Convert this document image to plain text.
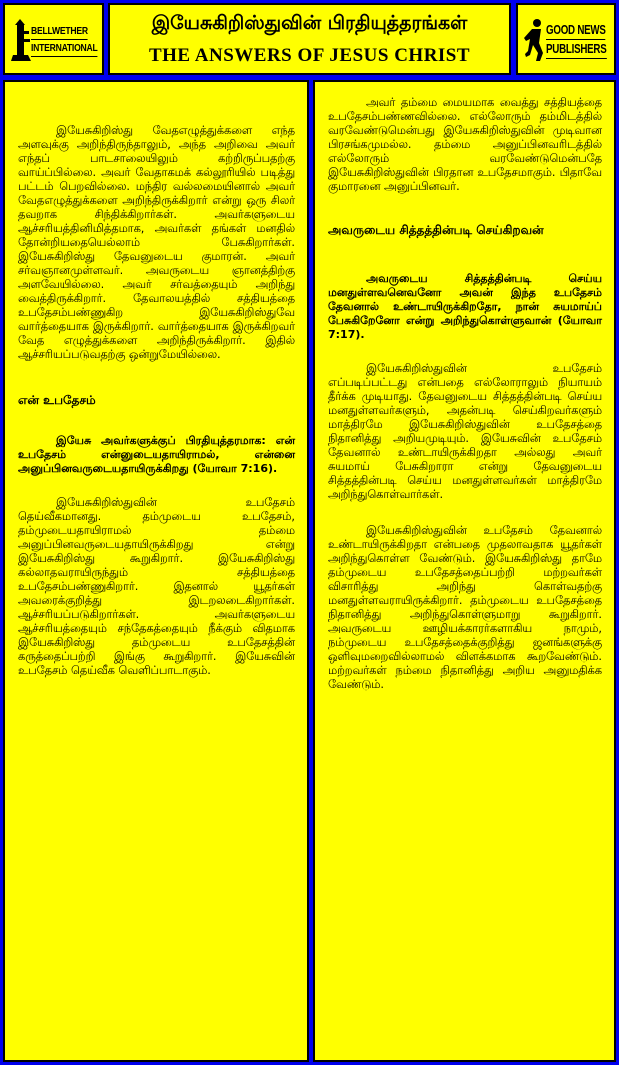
BELLWETHER
INTERNATIONAL
இயேசுகிறிஸ்துவின் பிரதியுத்தரங்கள்
THE ANSWERS OF JESUS CHRIST
GOOD NEWS
PUBLISHERS

இயேசுகிறிஸ்து வேதஎழுத்துக்களை எந்த அளவுக்கு அறிந்திருந்தாலும், அந்த அறிவை அவர் எந்தப் பாடசாலையிலும் கற்றிருப்பதற்கு வாய்ப்பில்லை. அவர் வேதாகமக் கல்லூரியில் படித்து பட்டம் பெறவில்லை. மந்திர வல்லமையினால் அவர் வேதஎழுத்துக்களை அறிந்திருக்கிறார் என்று ஒரு சிலர் தவறாக சிந்திக்கிறார்கள். அவர்களுடைய ஆச்சரியத்தினிமித்தமாக, அவர்கள் தங்கள் மனதில் தோன்றியதையெல்லாம் பேசுகிறார்கள். இயேசுகிறிஸ்து தேவனுடைய குமாரன். அவர் சர்வஞானமுள்ளவர். அவருடைய ஞானத்திற்கு அளவேயில்லை. அவர் சர்வத்தையும் அறிந்து வைத்திருக்கிறார். தேவாலயத்தில் சத்தியத்தை உபதேசம்பண்ணுகிற இயேசுகிறிஸ்துவே வார்த்தையாக இருக்கிறார். வார்த்தையாக இருக்கிறவர் வேத எழுத்துக்களை அறிந்திருக்கிறார். இதில் ஆச்சரியப்படுவதற்கு ஒன்றுமேயில்லை.

என் உபதேசம்

இயேசு அவர்களுக்குப் பிரதியுத்தரமாக: என் உபதேசம் என்னுடையதாயிராமல், என்னை அனுப்பினவருடையதாயிருக்கிறது (யோவா 7:16).

இயேசுகிறிஸ்துவின் உபதேசம் தெய்வீகமானது. தம்முடைய உபதேசம், தம்முடையதாயிராமல் தம்மை அனுப்பினவருடையதாயிருக்கிறது என்று இயேசுகிறிஸ்து கூறுகிறார். இயேசுகிறிஸ்து கல்லாதவராயிருந்தும் சத்தியத்தை உபதேசம்பண்ணுகிறார். இதனால் யூதர்கள் அவரைக்குறித்து இடறலடைகிறார்கள். ஆச்சரியப்படுகிறார்கள். அவர்களுடைய ஆச்சரியத்தையும் சந்தேகத்தையும் நீக்கும் விதமாக இயேசுகிறிஸ்து தம்முடைய உபதேசத்தின் கருத்தைப்பற்றி இங்கு கூறுகிறார். இயேசுவின் உபதேசம் தெய்வீக வெளிப்பாடாகும்.

அவர் தம்மை மையமாக வைத்து சத்தியத்தை உபதேசம்பண்ணவில்லை. எல்லோரும் தம்மிடத்தில் வரவேண்டுமென்பது இயேசுகிறிஸ்துவின் முடிவான பிரசங்கமுமல்ல. தம்மை அனுப்பினவரிடத்தில் எல்லோரும் வரவேண்டுமென்பதே இயேசுகிறிஸ்துவின் பிரதான உபதேசமாகும். பிதாவே குமாரனை அனுப்பினவர்.

அவருடைய சித்தத்தின்படி செய்கிறவன்

அவருடைய சித்தத்தின்படி செய்ய மனதுள்ளவனெவனோ அவன் இந்த உபதேசம் தேவனால் உண்டாயிருக்கிறதோ, நான் சுயமாய்ப் பேசுகிறேனோ என்று அறிந்துகொள்ளுவான் (யோவா 7:17).

இயேசுகிறிஸ்துவின் உபதேசம் எப்படிப்பட்டது என்பதை எல்லோராலும் நியாயம் தீர்க்க முடியாது. தேவனுடைய சித்தத்தின்படி செய்ய மனதுள்ளவர்களும், அதன்படி செய்கிறவர்களும் மாத்திரமே இயேசுகிறிஸ்துவின் உபதேசத்தை நிதானித்து அறியமுடியும். இயேசுவின் உபதேசம் தேவனால் உண்டாயிருக்கிறதா அல்லது அவர் சுயமாய் பேசுகிறாரா என்று தேவனுடைய சித்தத்தின்படி செய்ய மனதுள்ளவர்கள் மாத்திரமே அறிந்துகொள்வார்கள்.

இயேசுகிறிஸ்துவின் உபதேசம் தேவனால் உண்டாயிருக்கிறதா என்பதை முதலாவதாக யூதர்கள் அறிந்துகொள்ள வேண்டும். இயேசுகிறிஸ்து தாமே தம்முடைய உபதேசத்தைப்பற்றி மற்றவர்கள் விசாரித்து அறிந்து கொள்வதற்கு மனதுள்ளவராயிருக்கிறார். தம்முடைய உபதேசத்தை நிதானித்து அறிந்துகொள்ளுமாறு கூறுகிறார். அவருடைய ஊழியக்காரர்களாகிய நாமும், நம்முடைய உபதேசத்தைக்குறித்து ஜனங்களுக்கு ஒளிவுமறைவில்லாமல் விளக்கமாக கூறவேண்டும். மற்றவர்கள் நம்மை நிதானித்து அறிய அனுமதிக்க வேண்டும்.
